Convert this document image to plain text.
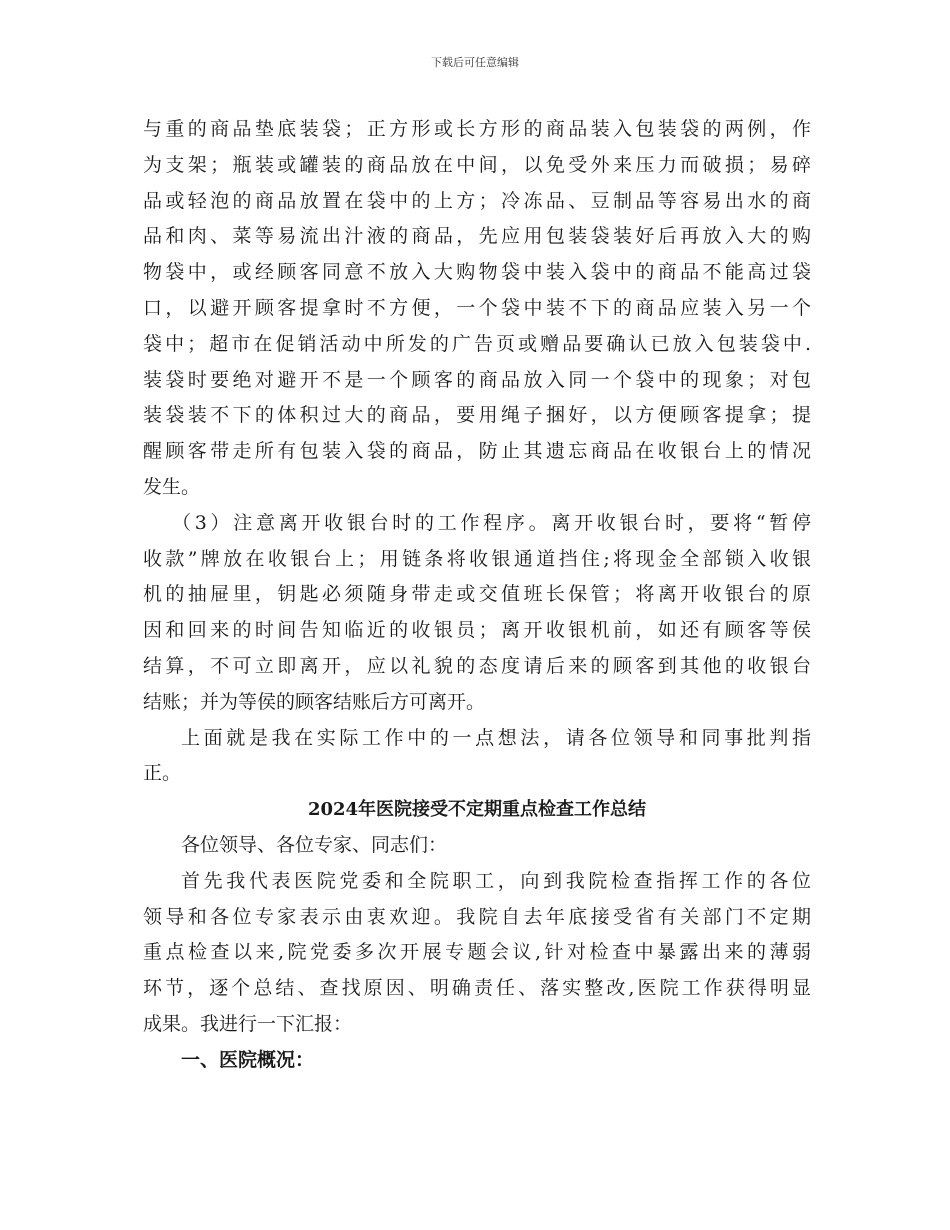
下载后可任意编辑
与重的商品垫底装袋；正方形或长方形的商品装入包装袋的两例，作
为支架；瓶装或罐装的商品放在中间，以免受外来压力而破损；易碎
品或轻泡的商品放置在袋中的上方；冷冻品、豆制品等容易出水的商
品和肉、菜等易流出汁液的商品，先应用包装袋装好后再放入大的购
物袋中，或经顾客同意不放入大购物袋中装入袋中的商品不能高过袋
口，以避开顾客提拿时不方便，一个袋中装不下的商品应装入另一个
袋中；超市在促销活动中所发的广告页或赠品要确认已放入包装袋中.
装袋时要绝对避开不是一个顾客的商品放入同一个袋中的现象；对包
装袋装不下的体积过大的商品，要用绳子捆好，以方便顾客提拿；提
醒顾客带走所有包装入袋的商品，防止其遗忘商品在收银台上的情况
发生。
（3）注意离开收银台时的工作程序。离开收银台时，要将“暂停
收款”牌放在收银台上；用链条将收银通道挡住;将现金全部锁入收银
机的抽屉里，钥匙必须随身带走或交值班长保管；将离开收银台的原
因和回来的时间告知临近的收银员；离开收银机前，如还有顾客等侯
结算，不可立即离开，应以礼貌的态度请后来的顾客到其他的收银台
结账；并为等侯的顾客结账后方可离开。
上面就是我在实际工作中的一点想法，请各位领导和同事批判指
正。
2024年医院接受不定期重点检查工作总结
各位领导、各位专家、同志们：
首先我代表医院党委和全院职工，向到我院检查指挥工作的各位
领导和各位专家表示由衷欢迎。我院自去年底接受省有关部门不定期
重点检查以来,院党委多次开展专题会议,针对检查中暴露出来的薄弱
环节，逐个总结、查找原因、明确责任、落实整改,医院工作获得明显
成果。我进行一下汇报：
一、医院概况：
